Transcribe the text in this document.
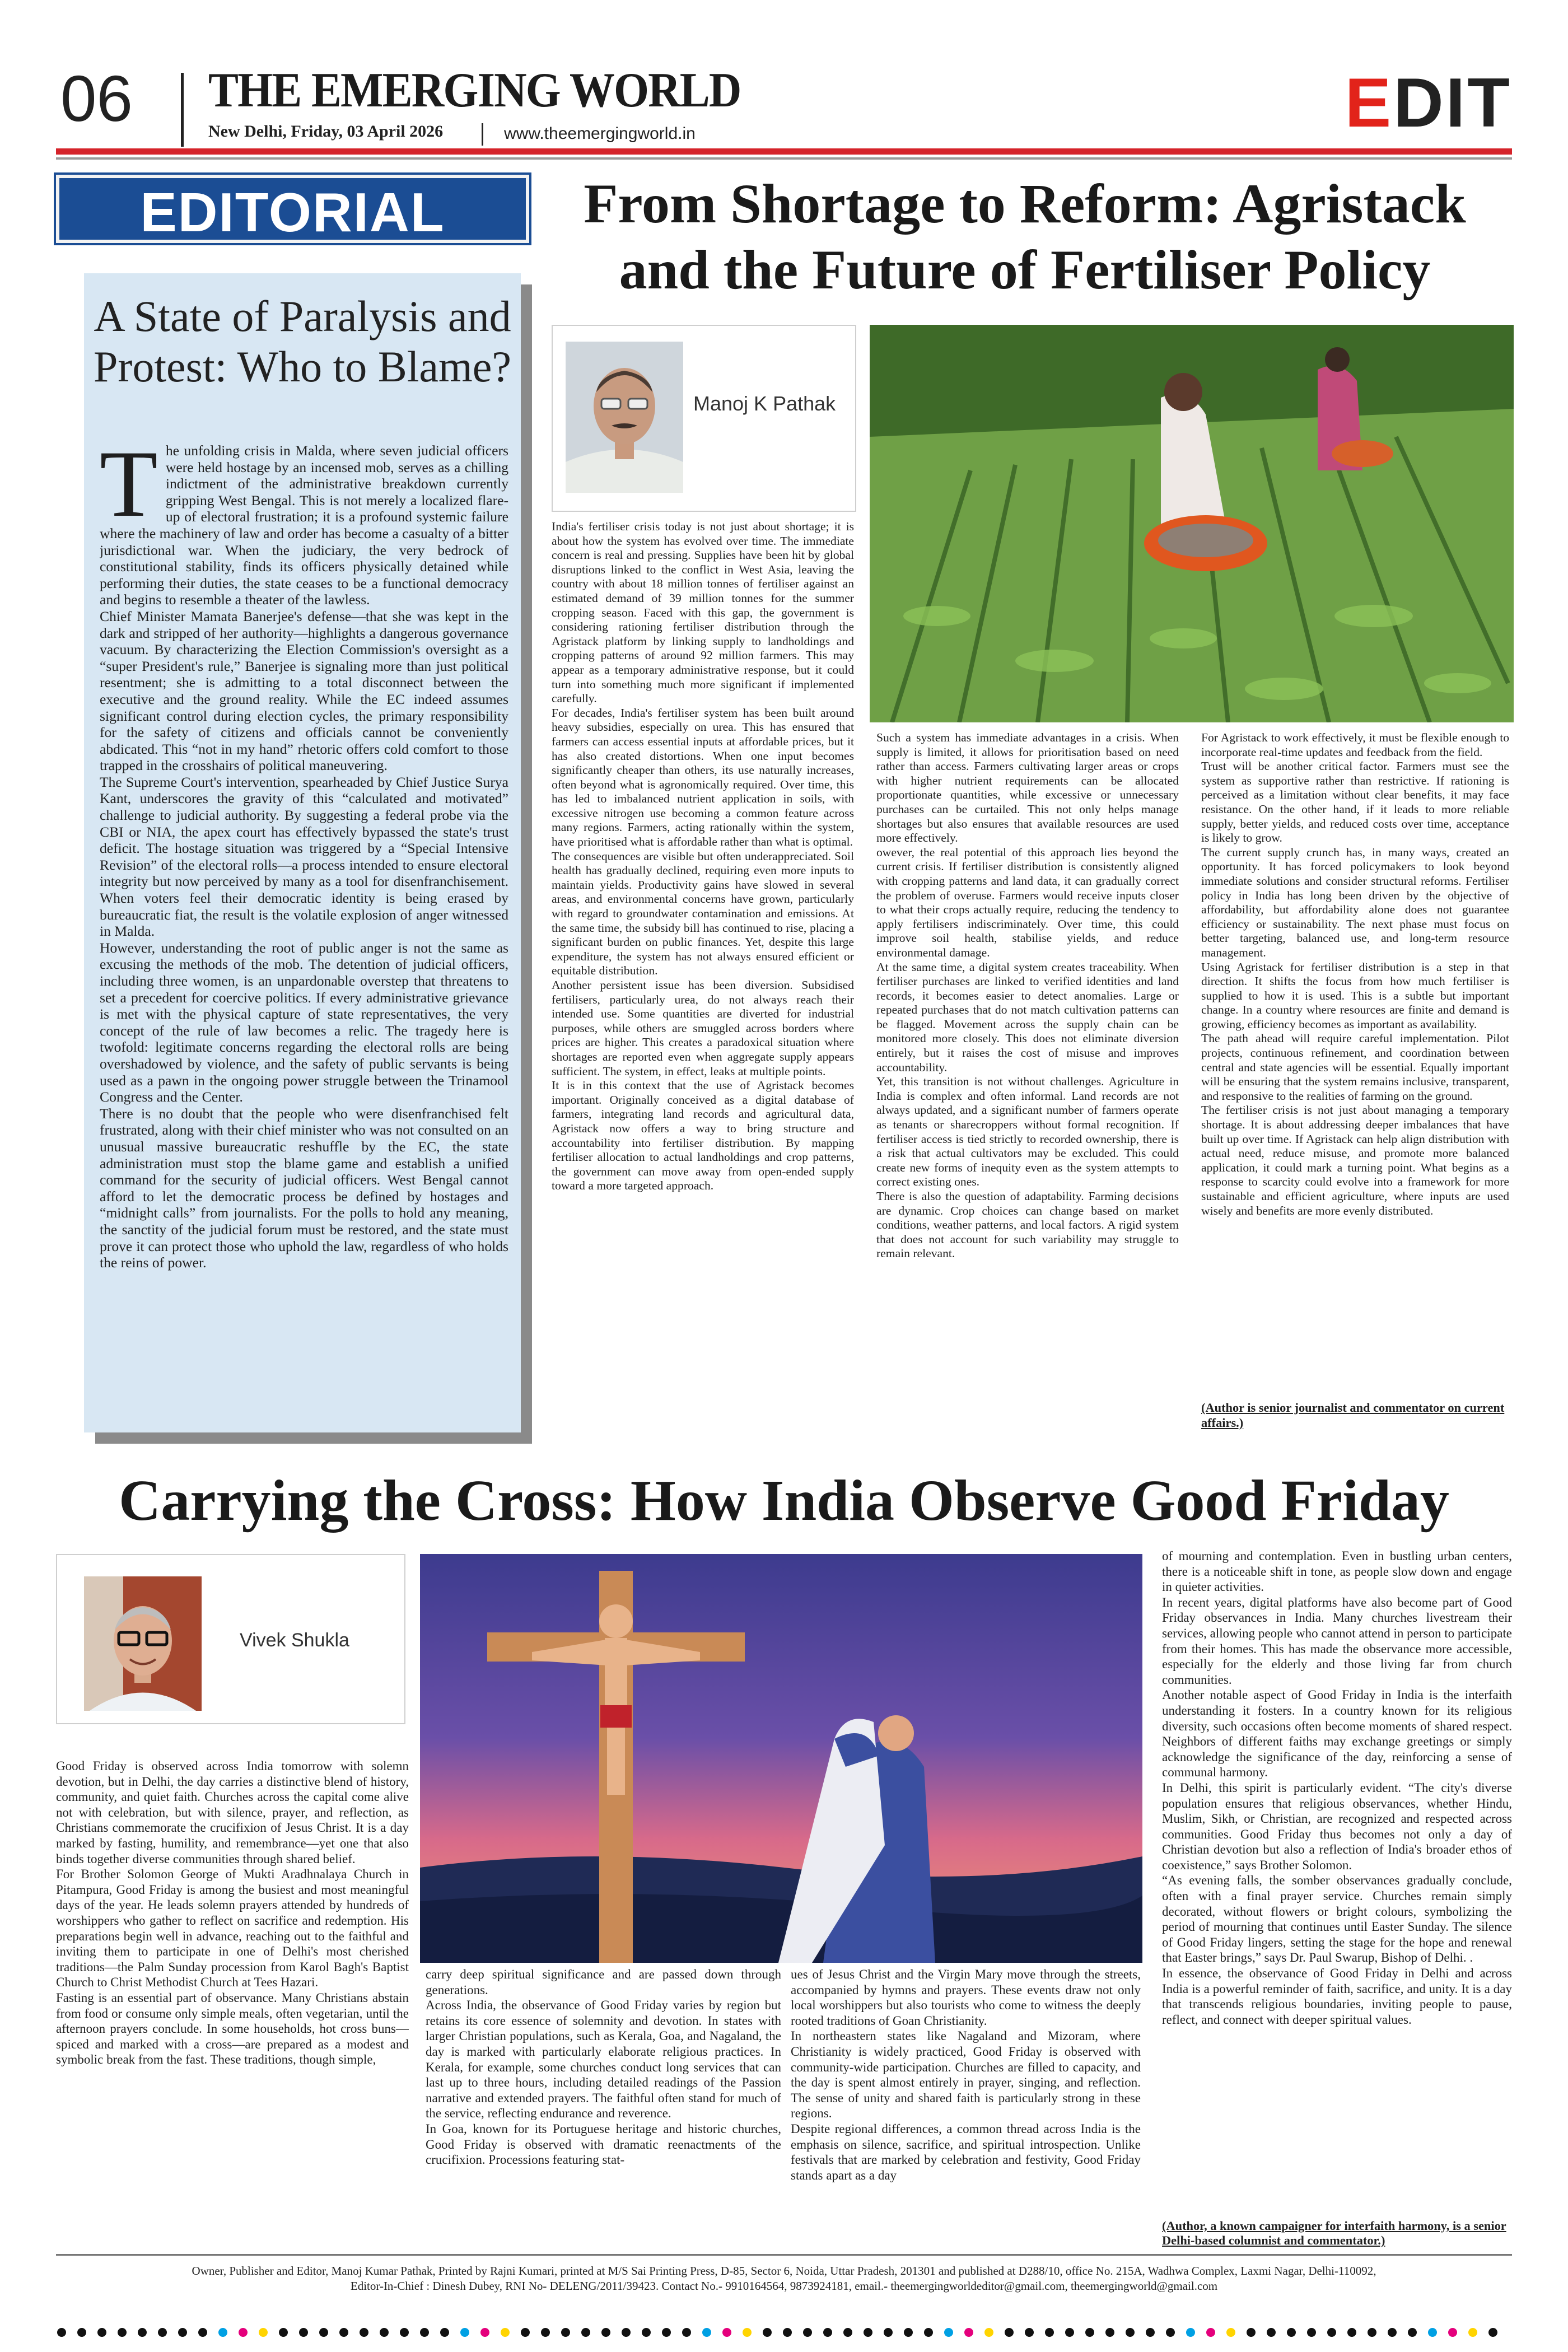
06 THE EMERGING WORLD
New Delhi, Friday, 03 April 2026	www.theemergingworld.in	EDIT
EDITORIAL
A State of Paralysis and Protest: Who to Blame?

The unfolding crisis in Malda, where seven judicial officers were held hostage by an incensed mob, serves as a chilling indictment of the administrative breakdown currently gripping West Bengal. This is not merely a localized flare-up of electoral frustration; it is a profound systemic failure where the machinery of law and order has become a casualty of a bitter jurisdictional war. When the judiciary, the very bedrock of constitutional stability, finds its officers physically detained while performing their duties, the state ceases to be a functional democracy and begins to resemble a theater of the lawless.

Chief Minister Mamata Banerjee's defense—that she was kept in the dark and stripped of her authority—highlights a dangerous governance vacuum. By characterizing the Election Commission's oversight as a “super President's rule,” Banerjee is signaling more than just political resentment; she is admitting to a total disconnect between the executive and the ground reality. While the EC indeed assumes significant control during election cycles, the primary responsibility for the safety of citizens and officials cannot be conveniently abdicated. This “not in my hand” rhetoric offers cold comfort to those trapped in the crosshairs of political maneuvering.

The Supreme Court's intervention, spearheaded by Chief Justice Surya Kant, underscores the gravity of this “calculated and motivated” challenge to judicial authority. By suggesting a federal probe via the CBI or NIA, the apex court has effectively bypassed the state's trust deficit. The hostage situation was triggered by a “Special Intensive Revision” of the electoral rolls—a process intended to ensure electoral integrity but now perceived by many as a tool for disenfranchisement. When voters feel their democratic identity is being erased by bureaucratic fiat, the result is the volatile explosion of anger witnessed in Malda.

However, understanding the root of public anger is not the same as excusing the methods of the mob. The detention of judicial officers, including three women, is an unpardonable overstep that threatens to set a precedent for coercive politics. If every administrative grievance is met with the physical capture of state representatives, the very concept of the rule of law becomes a relic. The tragedy here is twofold: legitimate concerns regarding the electoral rolls are being overshadowed by violence, and the safety of public servants is being used as a pawn in the ongoing power struggle between the Trinamool Congress and the Center.

There is no doubt that the people who were disenfranchised felt frustrated, along with their chief minister who was not consulted on an unusual massive bureaucratic reshuffle by the EC, the state administration must stop the blame game and establish a unified command for the security of judicial officers. West Bengal cannot afford to let the democratic process be defined by hostages and “midnight calls” from journalists. For the polls to hold any meaning, the sanctity of the judicial forum must be restored, and the state must prove it can protect those who uphold the law, regardless of who holds the reins of power.

From Shortage to Reform: Agristack and the Future of Fertiliser Policy
Manoj K Pathak

India's fertiliser crisis today is not just about shortage; it is about how the system has evolved over time. The immediate concern is real and pressing. Supplies have been hit by global disruptions linked to the conflict in West Asia, leaving the country with about 18 million tonnes of fertiliser against an estimated demand of 39 million tonnes for the summer cropping season. Faced with this gap, the government is considering rationing fertiliser distribution through the Agristack platform by linking supply to landholdings and cropping patterns of around 92 million farmers. This may appear as a temporary administrative response, but it could turn into something much more significant if implemented carefully.

For decades, India's fertiliser system has been built around heavy subsidies, especially on urea. This has ensured that farmers can access essential inputs at affordable prices, but it has also created distortions. When one input becomes significantly cheaper than others, its use naturally increases, often beyond what is agronomically required. Over time, this has led to imbalanced nutrient application in soils, with excessive nitrogen use becoming a common feature across many regions. Farmers, acting rationally within the system, have prioritised what is affordable rather than what is optimal.

The consequences are visible but often underappreciated. Soil health has gradually declined, requiring even more inputs to maintain yields. Productivity gains have slowed in several areas, and environmental concerns have grown, particularly with regard to groundwater contamination and emissions. At the same time, the subsidy bill has continued to rise, placing a significant burden on public finances. Yet, despite this large expenditure, the system has not always ensured efficient or equitable distribution.

Another persistent issue has been diversion. Subsidised fertilisers, particularly urea, do not always reach their intended use. Some quantities are diverted for industrial purposes, while others are smuggled across borders where prices are higher. This creates a paradoxical situation where shortages are reported even when aggregate supply appears sufficient. The system, in effect, leaks at multiple points.

It is in this context that the use of Agristack becomes important. Originally conceived as a digital database of farmers, integrating land records and agricultural data, Agristack now offers a way to bring structure and accountability into fertiliser distribution. By mapping fertiliser allocation to actual landholdings and crop patterns, the government can move away from open-ended supply toward a more targeted approach.

Such a system has immediate advantages in a crisis. When supply is limited, it allows for prioritisation based on need rather than access. Farmers cultivating larger areas or crops with higher nutrient requirements can be allocated proportionate quantities, while excessive or unnecessary purchases can be curtailed. This not only helps manage shortages but also ensures that available resources are used more effectively.

owever, the real potential of this approach lies beyond the current crisis. If fertiliser distribution is consistently aligned with cropping patterns and land data, it can gradually correct the problem of overuse. Farmers would receive inputs closer to what their crops actually require, reducing the tendency to apply fertilisers indiscriminately. Over time, this could improve soil health, stabilise yields, and reduce environmental damage.

At the same time, a digital system creates traceability. When fertiliser purchases are linked to verified identities and land records, it becomes easier to detect anomalies. Large or repeated purchases that do not match cultivation patterns can be flagged. Movement across the supply chain can be monitored more closely. This does not eliminate diversion entirely, but it raises the cost of misuse and improves accountability.

Yet, this transition is not without challenges. Agriculture in India is complex and often informal. Land records are not always updated, and a significant number of farmers operate as tenants or sharecroppers without formal recognition. If fertiliser access is tied strictly to recorded ownership, there is a risk that actual cultivators may be excluded. This could create new forms of inequity even as the system attempts to correct existing ones.

There is also the question of adaptability. Farming decisions are dynamic. Crop choices can change based on market conditions, weather patterns, and local factors. A rigid system that does not account for such variability may struggle to remain relevant.

For Agristack to work effectively, it must be flexible enough to incorporate real-time updates and feedback from the field.

Trust will be another critical factor. Farmers must see the system as supportive rather than restrictive. If rationing is perceived as a limitation without clear benefits, it may face resistance. On the other hand, if it leads to more reliable supply, better yields, and reduced costs over time, acceptance is likely to grow.

The current supply crunch has, in many ways, created an opportunity. It has forced policymakers to look beyond immediate solutions and consider structural reforms. Fertiliser policy in India has long been driven by the objective of affordability, but affordability alone does not guarantee efficiency or sustainability. The next phase must focus on better targeting, balanced use, and long-term resource management.

Using Agristack for fertiliser distribution is a step in that direction. It shifts the focus from how much fertiliser is supplied to how it is used. This is a subtle but important change. In a country where resources are finite and demand is growing, efficiency becomes as important as availability.

The path ahead will require careful implementation. Pilot projects, continuous refinement, and coordination between central and state agencies will be essential. Equally important will be ensuring that the system remains inclusive, transparent, and responsive to the realities of farming on the ground.

The fertiliser crisis is not just about managing a temporary shortage. It is about addressing deeper imbalances that have built up over time. If Agristack can help align distribution with actual need, reduce misuse, and promote more balanced application, it could mark a turning point. What begins as a response to scarcity could evolve into a framework for more sustainable and efficient agriculture, where inputs are used wisely and benefits are more evenly distributed.

(Author is senior journalist and commentator on current affairs.)
Carrying the Cross: How India Observe Good Friday
Vivek Shukla

Good Friday is observed across India tomorrow with solemn devotion, but in Delhi, the day carries a distinctive blend of history, community, and quiet faith. Churches across the capital come alive not with celebration, but with silence, prayer, and reflection, as Christians commemorate the crucifixion of Jesus Christ. It is a day marked by fasting, humility, and remembrance—yet one that also binds together diverse communities through shared belief.

For Brother Solomon George of Mukti Aradhnalaya Church in Pitampura, Good Friday is among the busiest and most meaningful days of the year. He leads solemn prayers attended by hundreds of worshippers who gather to reflect on sacrifice and redemption. His preparations begin well in advance, reaching out to the faithful and inviting them to participate in one of Delhi's most cherished traditions—the Palm Sunday procession from Karol Bagh's Baptist Church to Christ Methodist Church at Tees Hazari.

Fasting is an essential part of observance. Many Christians abstain from food or consume only simple meals, often vegetarian, until the afternoon prayers conclude. In some households, hot cross buns—spiced and marked with a cross—are prepared as a modest and symbolic break from the fast. These traditions, though simple,

carry deep spiritual significance and are passed down through generations.

Across India, the observance of Good Friday varies by region but retains its core essence of solemnity and devotion. In states with larger Christian populations, such as Kerala, Goa, and Nagaland, the day is marked with particularly elaborate religious practices. In Kerala, for example, some churches conduct long services that can last up to three hours, including detailed readings of the Passion narrative and extended prayers. The faithful often stand for much of the service, reflecting endurance and reverence.

In Goa, known for its Portuguese heritage and historic churches, Good Friday is observed with dramatic reenactments of the crucifixion. Processions featuring stat-

ues of Jesus Christ and the Virgin Mary move through the streets, accompanied by hymns and prayers. These events draw not only local worshippers but also tourists who come to witness the deeply rooted traditions of Goan Christianity.

In northeastern states like Nagaland and Mizoram, where Christianity is widely practiced, Good Friday is observed with community-wide participation. Churches are filled to capacity, and the day is spent almost entirely in prayer, singing, and reflection. The sense of unity and shared faith is particularly strong in these regions.

Despite regional differences, a common thread across India is the emphasis on silence, sacrifice, and spiritual introspection. Unlike festivals that are marked by celebration and festivity, Good Friday stands apart as a day

of mourning and contemplation. Even in bustling urban centers, there is a noticeable shift in tone, as people slow down and engage in quieter activities.

In recent years, digital platforms have also become part of Good Friday observances in India. Many churches livestream their services, allowing people who cannot attend in person to participate from their homes. This has made the observance more accessible, especially for the elderly and those living far from church communities.

Another notable aspect of Good Friday in India is the interfaith understanding it fosters. In a country known for its religious diversity, such occasions often become moments of shared respect. Neighbors of different faiths may exchange greetings or simply acknowledge the significance of the day, reinforcing a sense of communal harmony.

In Delhi, this spirit is particularly evident. “The city's diverse population ensures that religious observances, whether Hindu, Muslim, Sikh, or Christian, are recognized and respected across communities. Good Friday thus becomes not only a day of Christian devotion but also a reflection of India's broader ethos of coexistence,” says Brother Solomon.

“As evening falls, the somber observances gradually conclude, often with a final prayer service. Churches remain simply decorated, without flowers or bright colours, symbolizing the period of mourning that continues until Easter Sunday. The silence of Good Friday lingers, setting the stage for the hope and renewal that Easter brings,” says Dr. Paul Swarup, Bishop of Delhi. .

In essence, the observance of Good Friday in Delhi and across India is a powerful reminder of faith, sacrifice, and unity. It is a day that transcends religious boundaries, inviting people to pause, reflect, and connect with deeper spiritual values.

(Author, a known campaigner for interfaith harmony, is a senior Delhi-based columnist and commentator.)
Owner, Publisher and Editor, Manoj Kumar Pathak, Printed by Rajni Kumari, printed at M/S Sai Printing Press, D-85, Sector 6, Noida, Uttar Pradesh, 201301 and published at D288/10, office No. 215A, Wadhwa Complex, Laxmi Nagar, Delhi-110092,
Editor-In-Chief : Dinesh Dubey, RNI No- DELENG/2011/39423. Contact No.- 9910164564, 9873924181, email.- theemergingworldeditor@gmail.com, theemergingworld@gmail.com
